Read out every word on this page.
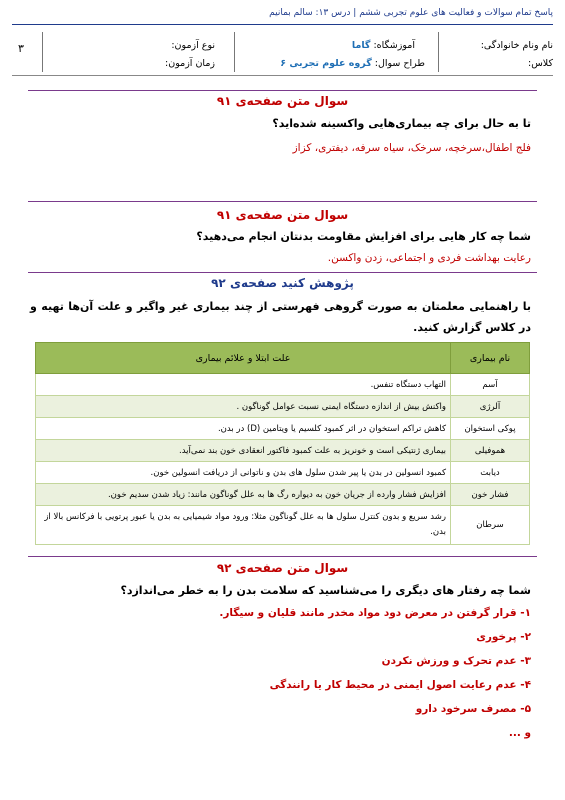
پاسخ تمام سوالات و فعالیت های علوم تجربی ششم | درس ۱۳: سالم بمانیم
نام ونام خانوادگی:
کلاس:
آموزشگاه: گاما
طراح سوال: گروه علوم تجربی ۶
نوع آزمون:
زمان آزمون:
۳
سوال متن صفحه‌ی ۹۱
تا به حال برای چه بیماری‌هایی واکسینه شده‌اید؟
فلج اطفال،سرخچه، سرخک، سیاه سرفه، دیفتری، کزاز
سوال متن صفحه‌ی ۹۱
شما چه کار هایی برای افزایش مقاومت بدنتان انجام می‌دهید؟
رعایت بهداشت فردی و اجتماعی، زدن واکسن.
پژوهش کنید صفحه‌ی ۹۲
با راهنمایی معلمتان به صورت گروهی فهرستی از چند بیماری غیر واگیر و علت آن‌ها تهیه و در کلاس گزارش کنید.
نام بیماری	علت ابتلا و علائم بیماری
آسم	التهاب دستگاه تنفس.
آلرژی	واکنش بیش از اندازه دستگاه ایمنی نسبت عوامل گوناگون .
پوکی استخوان	کاهش تراکم استخوان در اثر کمبود کلسیم یا ویتامین (D) در بدن.
هموفیلی	بیماری ژنتیکی است و خونریز به علت کمبود فاکتور انعقادی خون بند نمی‌آید.
دیابت	کمبود انسولین در بدن یا پیر شدن سلول های بدن و ناتوانی از دریافت انسولین خون.
فشار خون	افزایش فشار وارده از جریان خون به دیواره رگ ها به علل گوناگون مانند: زیاد شدن سدیم خون.
سرطان	رشد سریع و بدون کنترل سلول ها به علل گوناگون مثلا: ورود مواد شیمیایی به بدن یا عبور پرتویی با فرکانس بالا از بدن.
سوال متن صفحه‌ی ۹۲
شما چه رفتار های دیگری را می‌شناسید که سلامت بدن را به خطر می‌اندازد؟
۱- قرار گرفتن در معرض دود مواد مخدر مانند قلیان و سیگار.
۲- پرخوری
۳- عدم تحرک و ورزش نکردن
۴- عدم رعایت اصول ایمنی در محیط کار یا رانندگی
۵- مصرف سرخود دارو
و ...
